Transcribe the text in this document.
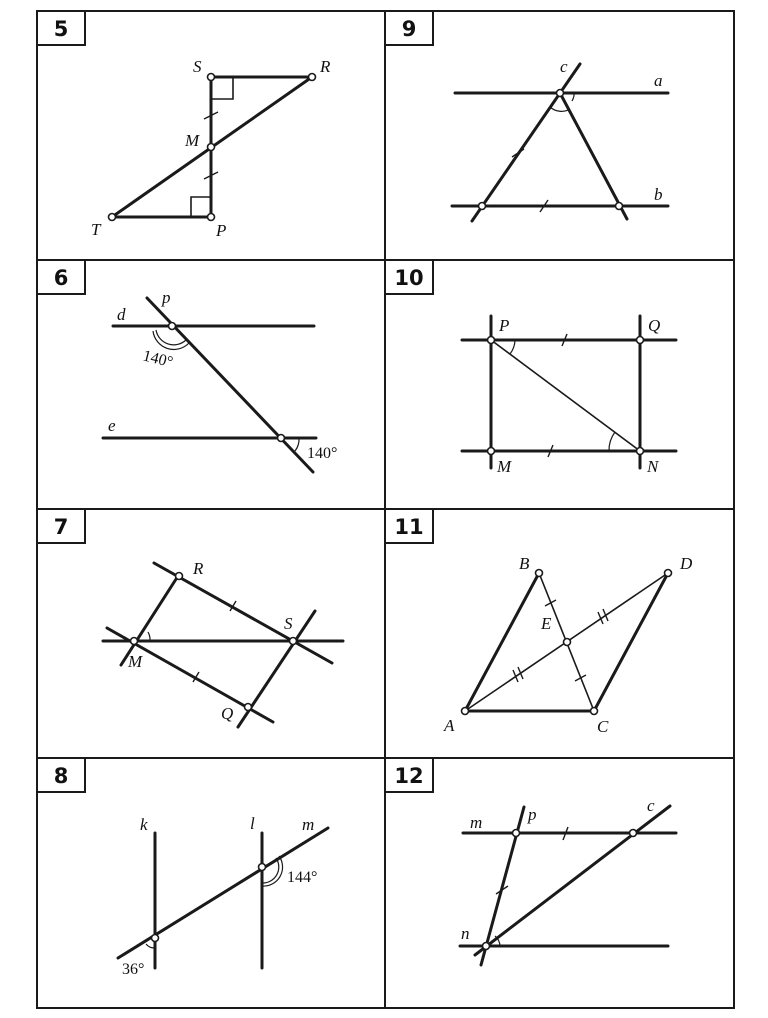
5
S	R
M
T	P
9
c
a
b
6
d
p
e
140°
140°
10
P	Q
M	N
7
R
S
M
Q
11
B	D
E
A	C
8
k	l	m
144°
36°
12
m	p	c
n
